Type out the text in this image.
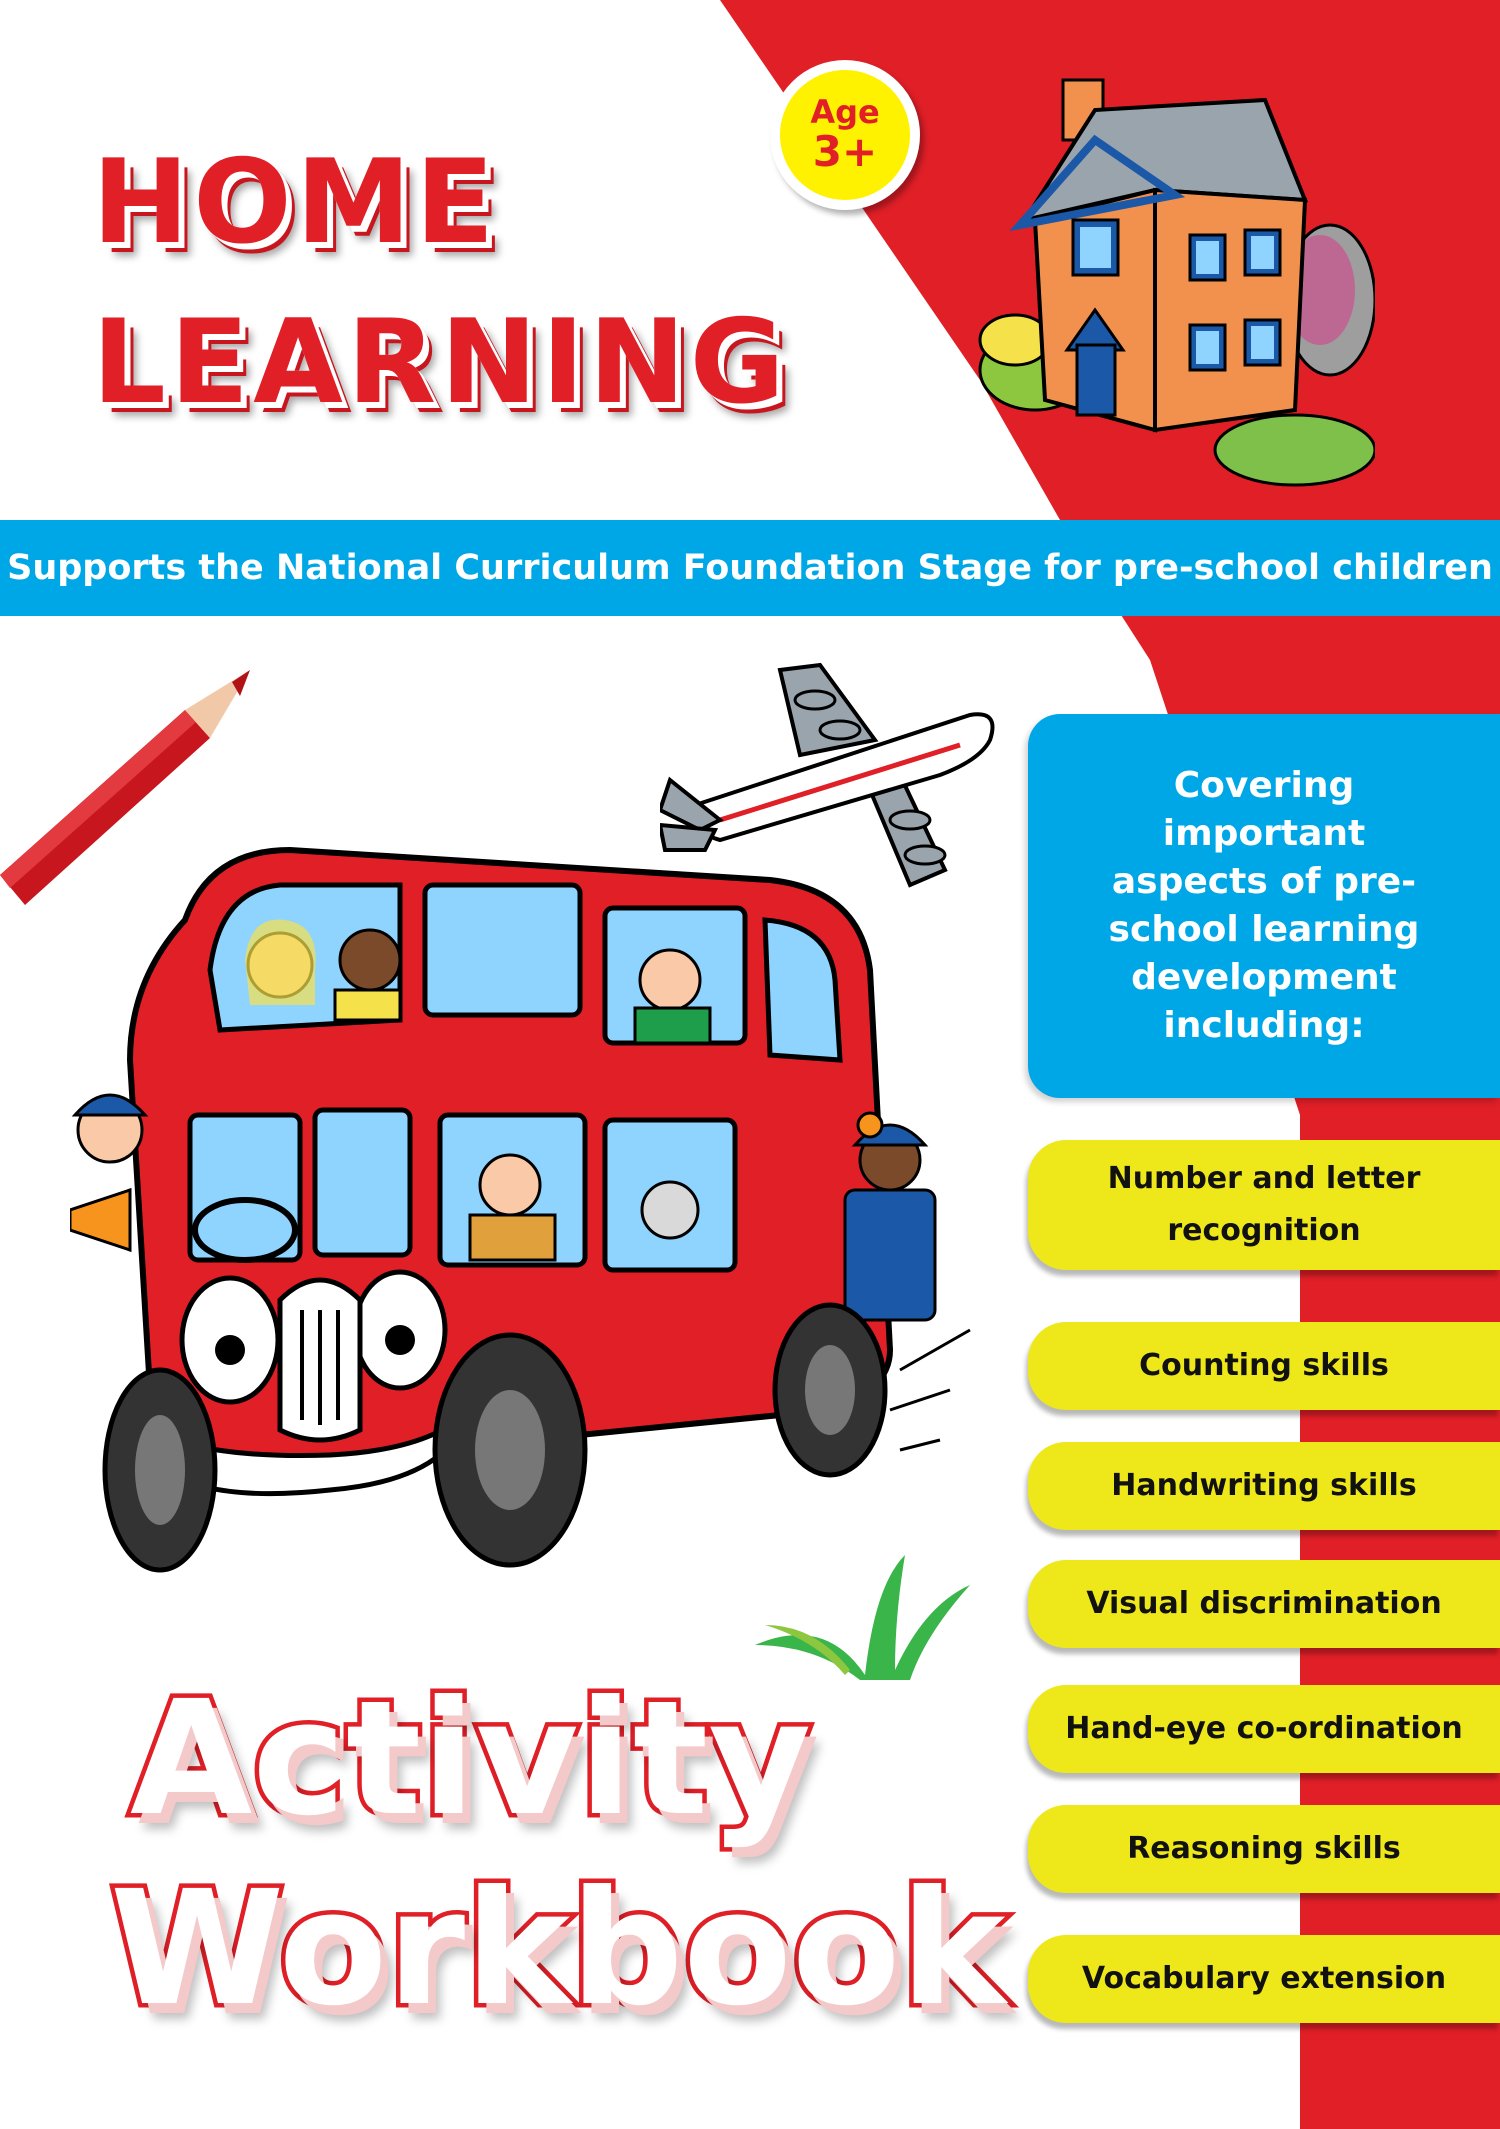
HOME
LEARNING
Age
3+
Supports the National Curriculum Foundation Stage for pre-school children
Covering important aspects of pre-school learning development including:
Number and letter recognition
Counting skills
Handwriting skills
Visual discrimination
Hand-eye co-ordination
Reasoning skills
Vocabulary extension
Activity
Workbook
